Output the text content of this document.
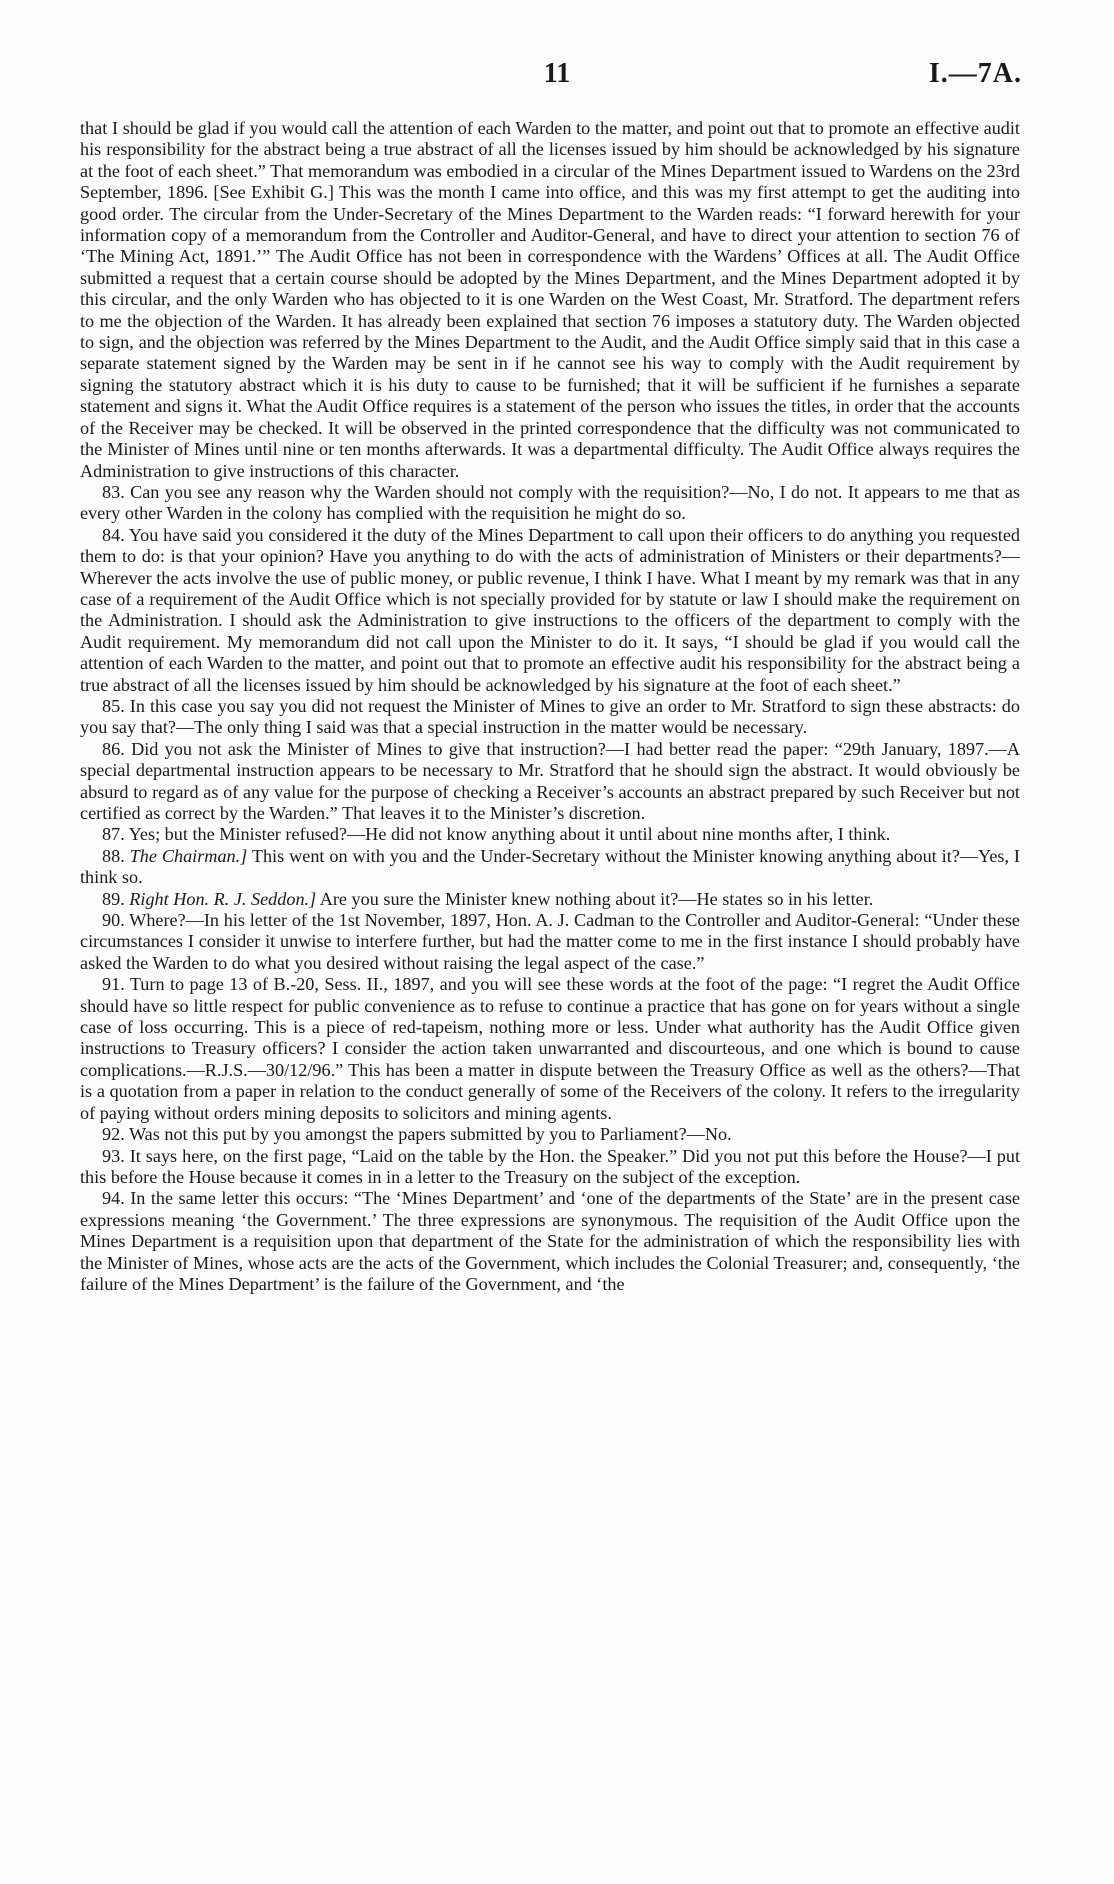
11	I.—7A.

that I should be glad if you would call the attention of each Warden to the matter, and point out that to promote an effective audit his responsibility for the abstract being a true abstract of all the licenses issued by him should be acknowledged by his signature at the foot of each sheet.” That memorandum was embodied in a circular of the Mines Department issued to Wardens on the 23rd September, 1896. [See Exhibit G.] This was the month I came into office, and this was my first attempt to get the auditing into good order. The circular from the Under-Secretary of the Mines Department to the Warden reads: “I forward herewith for your information copy of a memorandum from the Controller and Auditor-General, and have to direct your attention to section 76 of ‘The Mining Act, 1891.’” The Audit Office has not been in correspondence with the Wardens’ Offices at all. The Audit Office submitted a request that a certain course should be adopted by the Mines Department, and the Mines Department adopted it by this circular, and the only Warden who has objected to it is one Warden on the West Coast, Mr. Stratford. The department refers to me the objection of the Warden. It has already been explained that section 76 imposes a statutory duty. The Warden objected to sign, and the objection was referred by the Mines Department to the Audit, and the Audit Office simply said that in this case a separate statement signed by the Warden may be sent in if he cannot see his way to comply with the Audit requirement by signing the statutory abstract which it is his duty to cause to be furnished; that it will be sufficient if he furnishes a separate statement and signs it. What the Audit Office requires is a statement of the person who issues the titles, in order that the accounts of the Receiver may be checked. It will be observed in the printed correspondence that the difficulty was not communicated to the Minister of Mines until nine or ten months afterwards. It was a departmental difficulty. The Audit Office always requires the Administration to give instructions of this character.

83. Can you see any reason why the Warden should not comply with the requisition?—No, I do not. It appears to me that as every other Warden in the colony has complied with the requisition he might do so.

84. You have said you considered it the duty of the Mines Department to call upon their officers to do anything you requested them to do: is that your opinion? Have you anything to do with the acts of administration of Ministers or their departments?—Wherever the acts involve the use of public money, or public revenue, I think I have. What I meant by my remark was that in any case of a requirement of the Audit Office which is not specially provided for by statute or law I should make the requirement on the Administration. I should ask the Administration to give instructions to the officers of the department to comply with the Audit requirement. My memorandum did not call upon the Minister to do it. It says, “I should be glad if you would call the attention of each Warden to the matter, and point out that to promote an effective audit his responsibility for the abstract being a true abstract of all the licenses issued by him should be acknowledged by his signature at the foot of each sheet.”

85. In this case you say you did not request the Minister of Mines to give an order to Mr. Stratford to sign these abstracts: do you say that?—The only thing I said was that a special instruction in the matter would be necessary.

86. Did you not ask the Minister of Mines to give that instruction?—I had better read the paper: “29th January, 1897.—A special departmental instruction appears to be necessary to Mr. Stratford that he should sign the abstract. It would obviously be absurd to regard as of any value for the purpose of checking a Receiver’s accounts an abstract prepared by such Receiver but not certified as correct by the Warden.” That leaves it to the Minister’s discretion.

87. Yes; but the Minister refused?—He did not know anything about it until about nine months after, I think.

88. The Chairman.] This went on with you and the Under-Secretary without the Minister knowing anything about it?—Yes, I think so.

89. Right Hon. R. J. Seddon.] Are you sure the Minister knew nothing about it?—He states so in his letter.

90. Where?—In his letter of the 1st November, 1897, Hon. A. J. Cadman to the Controller and Auditor-General: “Under these circumstances I consider it unwise to interfere further, but had the matter come to me in the first instance I should probably have asked the Warden to do what you desired without raising the legal aspect of the case.”

91. Turn to page 13 of B.-20, Sess. II., 1897, and you will see these words at the foot of the page: “I regret the Audit Office should have so little respect for public convenience as to refuse to continue a practice that has gone on for years without a single case of loss occurring. This is a piece of red-tapeism, nothing more or less. Under what authority has the Audit Office given instructions to Treasury officers? I consider the action taken unwarranted and discourteous, and one which is bound to cause complications.—R.J.S.—30/12/96.” This has been a matter in dispute between the Treasury Office as well as the others?—That is a quotation from a paper in relation to the conduct generally of some of the Receivers of the colony. It refers to the irregularity of paying without orders mining deposits to solicitors and mining agents.

92. Was not this put by you amongst the papers submitted by you to Parliament?—No.

93. It says here, on the first page, “Laid on the table by the Hon. the Speaker.” Did you not put this before the House?—I put this before the House because it comes in in a letter to the Treasury on the subject of the exception.

94. In the same letter this occurs: “The ‘Mines Department’ and ‘one of the departments of the State’ are in the present case expressions meaning ‘the Government.’ The three expressions are synonymous. The requisition of the Audit Office upon the Mines Department is a requisition upon that department of the State for the administration of which the responsibility lies with the Minister of Mines, whose acts are the acts of the Government, which includes the Colonial Treasurer; and, consequently, ‘the failure of the Mines Department’ is the failure of the Government, and ‘the
